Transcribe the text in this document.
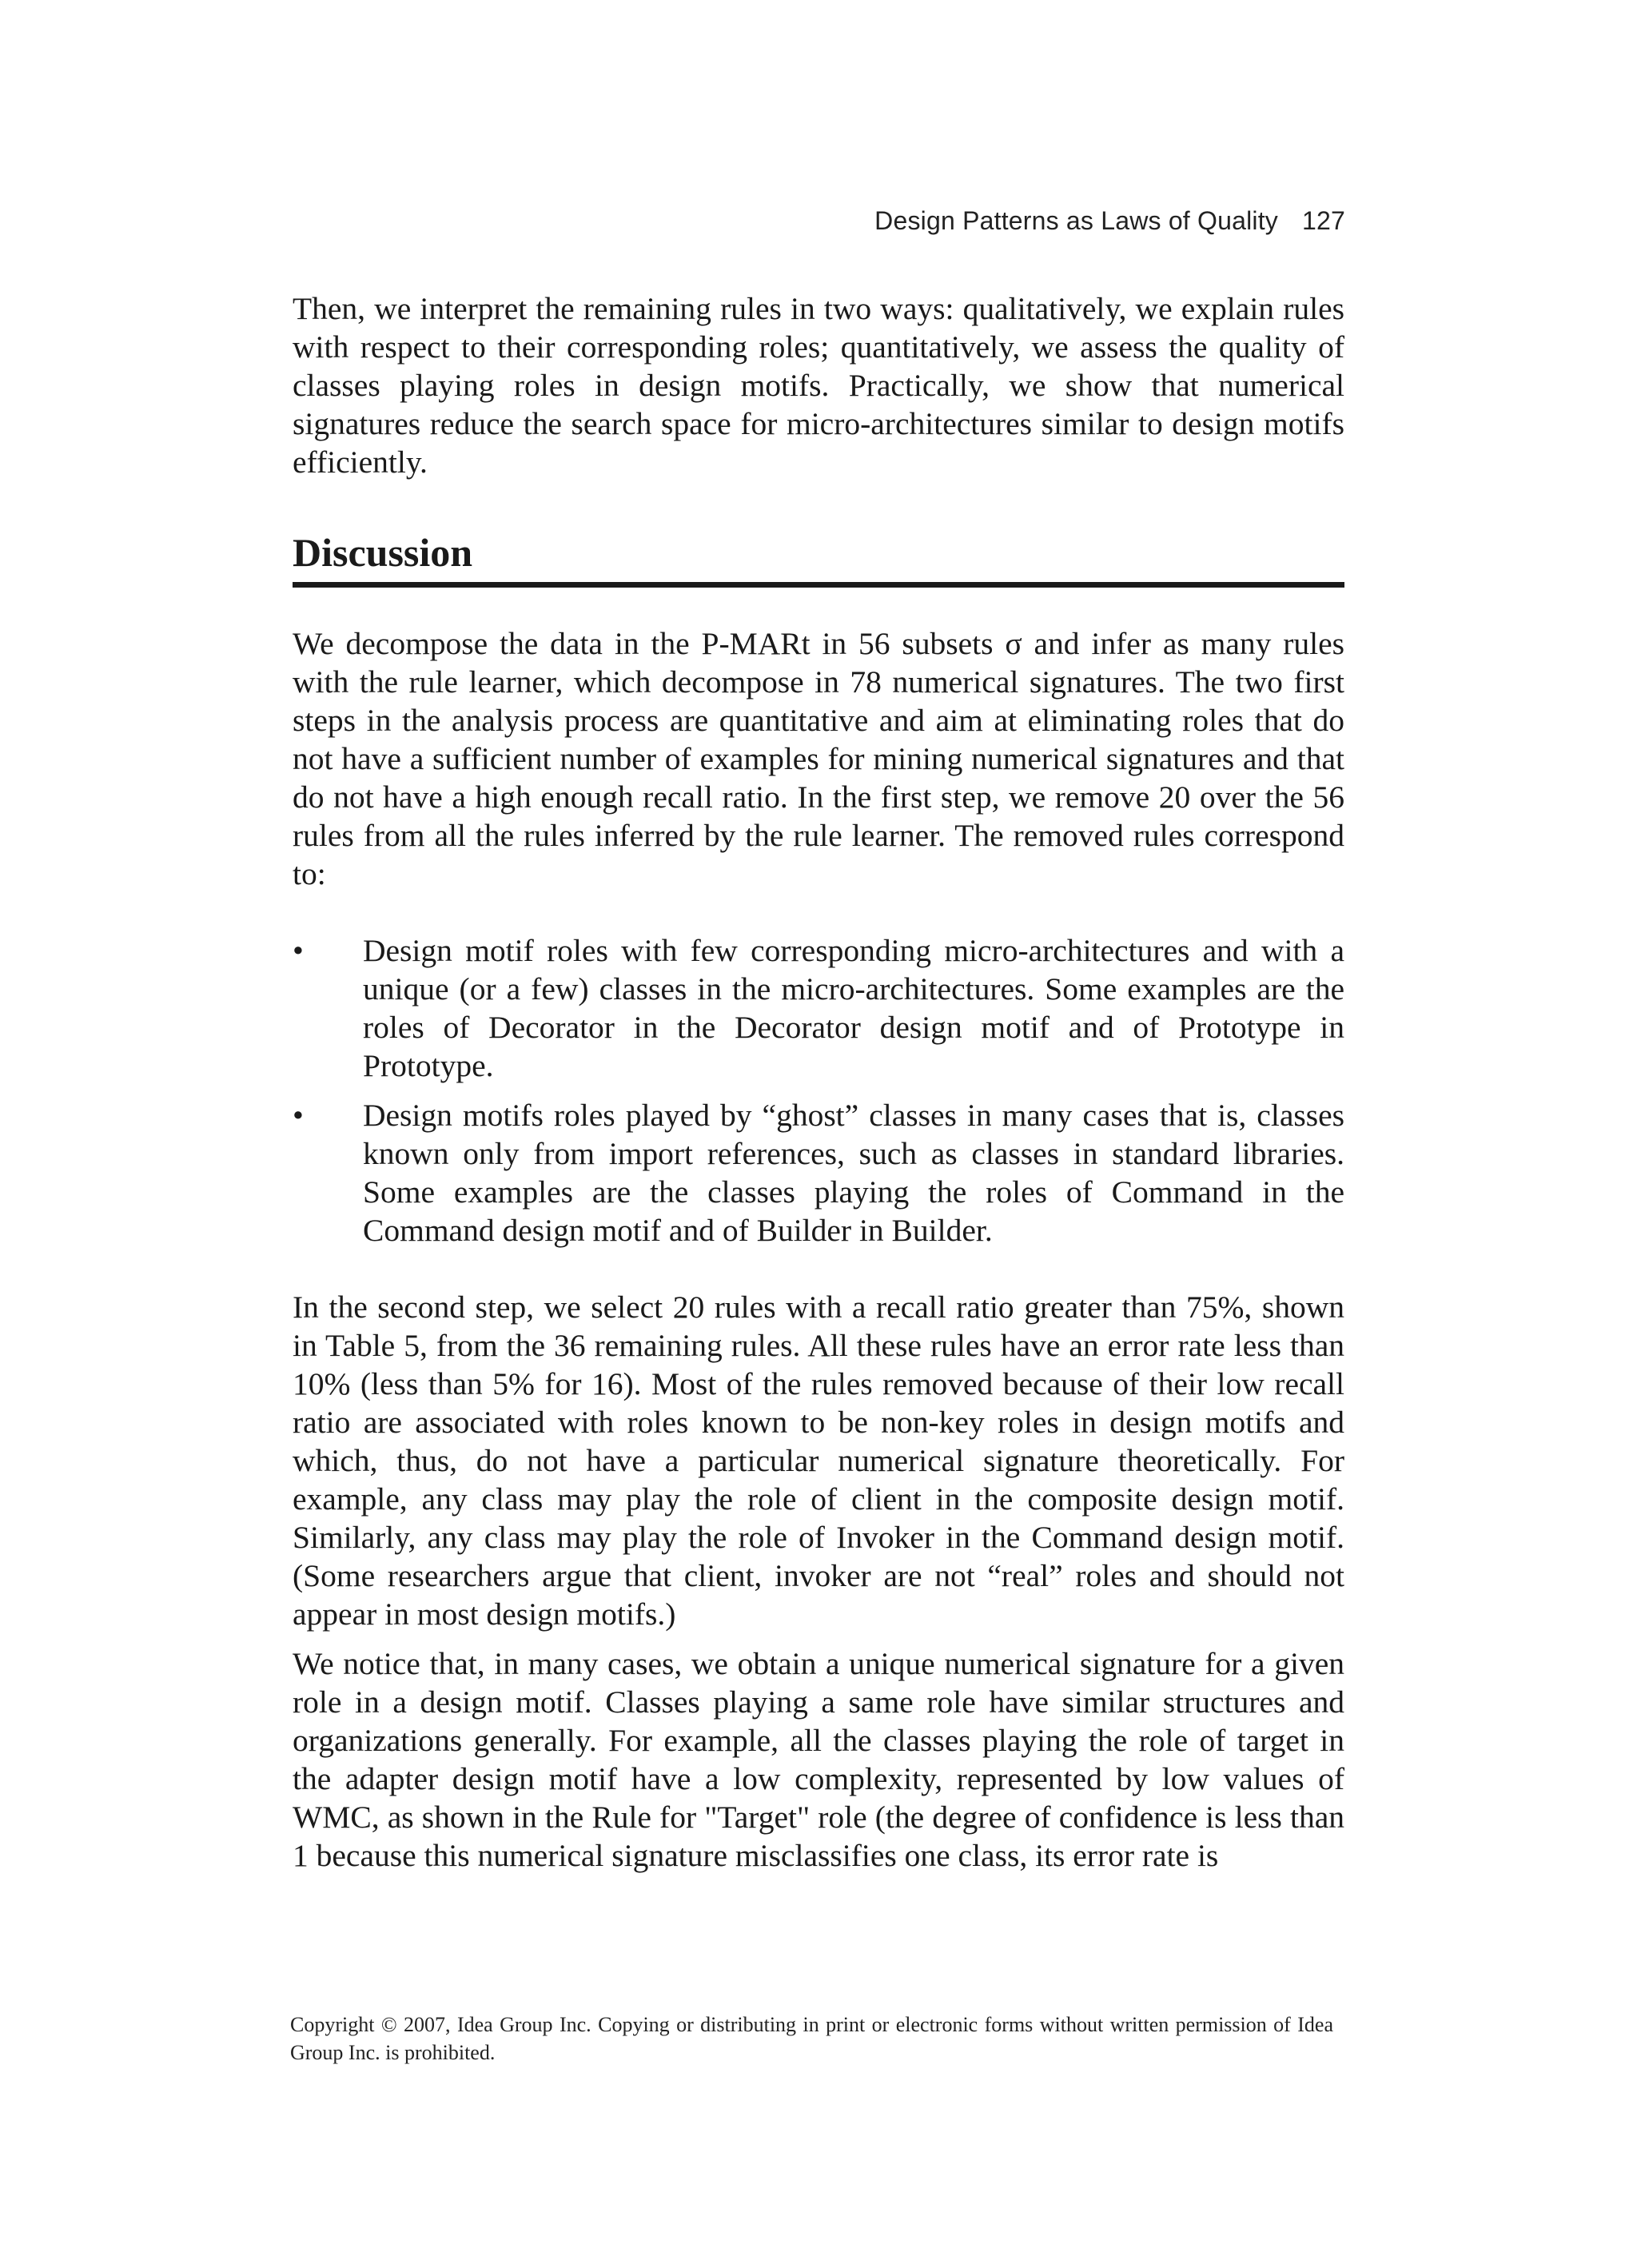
Design Patterns as Laws of Quality 127

Then, we interpret the remaining rules in two ways: qualitatively, we explain rules with respect to their corresponding roles; quantitatively, we assess the quality of classes playing roles in design motifs. Practically, we show that numerical signatures reduce the search space for micro-architectures similar to design motifs efficiently.

Discussion

We decompose the data in the P-MARt in 56 subsets σ and infer as many rules with the rule learner, which decompose in 78 numerical signatures. The two first steps in the analysis process are quantitative and aim at eliminating roles that do not have a sufficient number of examples for mining numerical signatures and that do not have a high enough recall ratio. In the first step, we remove 20 over the 56 rules from all the rules inferred by the rule learner. The removed rules correspond to:

• Design motif roles with few corresponding micro-architectures and with a unique (or a few) classes in the micro-architectures. Some examples are the roles of Decorator in the Decorator design motif and of Prototype in Prototype.
• Design motifs roles played by “ghost” classes in many cases that is, classes known only from import references, such as classes in standard libraries. Some examples are the classes playing the roles of Command in the Command design motif and of Builder in Builder.

In the second step, we select 20 rules with a recall ratio greater than 75%, shown in Table 5, from the 36 remaining rules. All these rules have an error rate less than 10% (less than 5% for 16). Most of the rules removed because of their low recall ratio are associated with roles known to be non-key roles in design motifs and which, thus, do not have a particular numerical signature theoretically. For example, any class may play the role of client in the composite design motif. Similarly, any class may play the role of Invoker in the Command design motif. (Some researchers argue that client, invoker are not “real” roles and should not appear in most design motifs.)

We notice that, in many cases, we obtain a unique numerical signature for a given role in a design motif. Classes playing a same role have similar structures and organizations generally. For example, all the classes playing the role of target in the adapter design motif have a low complexity, represented by low values of WMC, as shown in the Rule for "Target" role (the degree of confidence is less than 1 because this numerical signature misclassifies one class, its error rate is

Copyright © 2007, Idea Group Inc. Copying or distributing in print or electronic forms without written permission of Idea Group Inc. is prohibited.
